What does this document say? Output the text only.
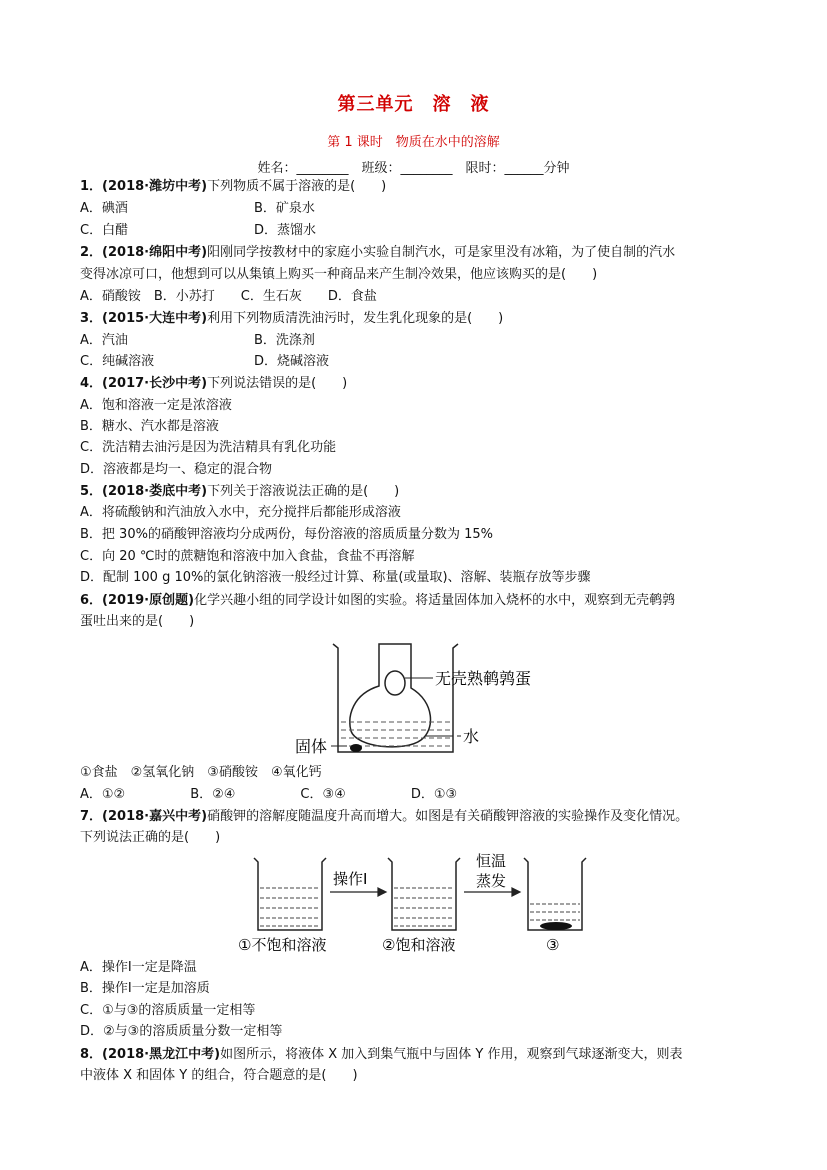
第三单元　溶　液
第 1 课时　物质在水中的溶解
姓名：________　班级：________　限时：______分钟
1．(2018·潍坊中考)下列物质不属于溶液的是(　　)
A．碘酒	B．矿泉水
C．白醋	D．蒸馏水
2．(2018·绵阳中考)阳刚同学按教材中的家庭小实验自制汽水，可是家里没有冰箱，为了使自制的汽水
变得冰凉可口，他想到可以从集镇上购买一种商品来产生制冷效果，他应该购买的是(　　)
A．硝酸铵　B．小苏打　　C．生石灰　　D．食盐
3．(2015·大连中考)利用下列物质清洗油污时，发生乳化现象的是(　　)
A．汽油	B．洗涤剂
C．纯碱溶液	D．烧碱溶液
4．(2017·长沙中考)下列说法错误的是(　　)
A．饱和溶液一定是浓溶液
B．糖水、汽水都是溶液
C．洗洁精去油污是因为洗洁精具有乳化功能
D．溶液都是均一、稳定的混合物
5．(2018·娄底中考)下列关于溶液说法正确的是(　　)
A．将硫酸钠和汽油放入水中，充分搅拌后都能形成溶液
B．把 30%的硝酸钾溶液均分成两份，每份溶液的溶质质量分数为 15%
C．向 20 ℃时的蔗糖饱和溶液中加入食盐，食盐不再溶解
D．配制 100 g 10%的氯化钠溶液一般经过计算、称量(或量取)、溶解、装瓶存放等步骤
6．(2019·原创题)化学兴趣小组的同学设计如图的实验。将适量固体加入烧杯的水中，观察到无壳鹌鹑
蛋吐出来的是(　　)
无壳熟鹌鹑蛋
水
固体
①食盐　②氢氧化钠　③硝酸铵　④氧化钙
A．①②　　　　　B．②④　　　　　C．③④　　　　　D．①③
7．(2018·嘉兴中考)硝酸钾的溶解度随温度升高而增大。如图是有关硝酸钾溶液的实验操作及变化情况。
下列说法正确的是(　　)
操作Ⅰ
恒温
蒸发
①不饱和溶液	②饱和溶液	③
A．操作Ⅰ一定是降温
B．操作Ⅰ一定是加溶质
C．①与③的溶质质量一定相等
D．②与③的溶质质量分数一定相等
8．(2018·黑龙江中考)如图所示，将液体 X 加入到集气瓶中与固体 Y 作用，观察到气球逐渐变大，则表
中液体 X 和固体 Y 的组合，符合题意的是(　　)
